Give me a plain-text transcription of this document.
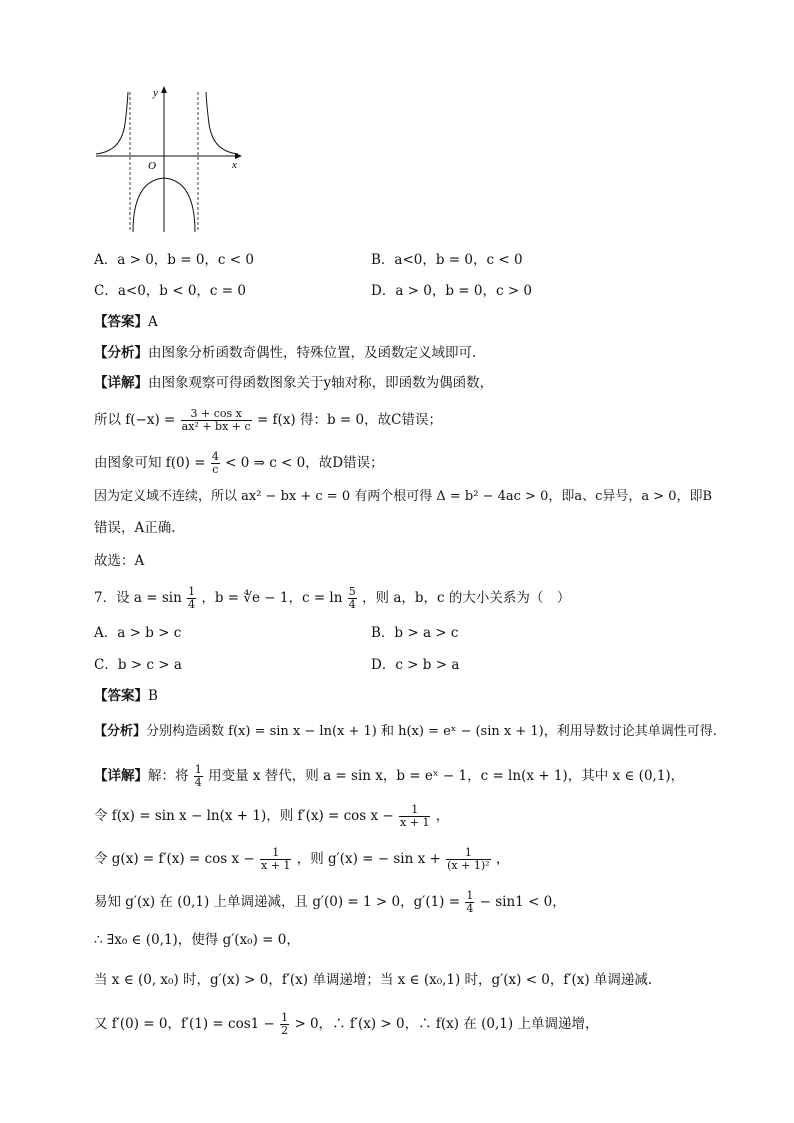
y
x
O
A．a > 0，b = 0，c < 0	B．a<0，b = 0，c < 0
C．a<0，b < 0，c = 0	D．a > 0，b = 0，c > 0
【答案】A
【分析】由图象分析函数奇偶性，特殊位置，及函数定义域即可.
【详解】由图象观察可得函数图象关于y轴对称，即函数为偶函数，
所以 $f(-x) = \frac{\text{3 + cos x}}{\text{ax² + bx + c}} = f(x)$ 得：b = 0，故C错误；
由图象可知 $f(0) = \frac{4}{c} < 0$ ⇒ c < 0，故D错误；
因为定义域不连续，所以 ax² − bx + c = 0 有两个根可得 Δ = b² − 4ac > 0，即a、c异号，a > 0，即B
错误，A正确.
故选：A
7．设 $a = \sin \frac{1}{4}$ ，b = ∜e − 1，$c = \ln \frac{5}{4}$ ，则 a，b，c 的大小关系为（　）
A．a > b > c	B．b > a > c
C．b > c > a	D．c > b > a
【答案】B
【分析】分别构造函数 f(x) = sin x − ln(x + 1) 和 h(x) = eˣ − (sin x + 1)，利用导数讨论其单调性可得.
【详解】解：将 $\frac{1}{4}$ 用变量 x 替代，则 a = sin x，b = eˣ − 1，c = ln(x + 1)，其中 x ∈ (0,1)，
令 f(x) = sin x − ln(x + 1)，则 $f'(x) = \cos x - \frac{1}{x + 1}$ ，
令 $g(x) = f'(x) = \cos x - \frac{1}{x + 1}$ ，则 g′(x) = − $\sin x + \frac{1}{\text{(x + 1)²}}$ ，
易知 g′(x) 在 (0,1) 上单调递减，且 g′(0) = 1 > 0，$g'(1) = \frac{1}{4} - \sin 1 < 0$，
∴ ∃x₀ ∈ (0,1)，使得 g′(x₀) = 0，
当 x ∈ (0, x₀) 时，g′(x) > 0，f′(x) 单调递增；当 x ∈ (x₀,1) 时，g′(x) < 0，f′(x) 单调递减.
又 f′(0) = 0，$f'(1) = \cos 1 - \frac{1}{2} > 0$，∴ f′(x) > 0，∴ f(x) 在 (0,1) 上单调递增，
